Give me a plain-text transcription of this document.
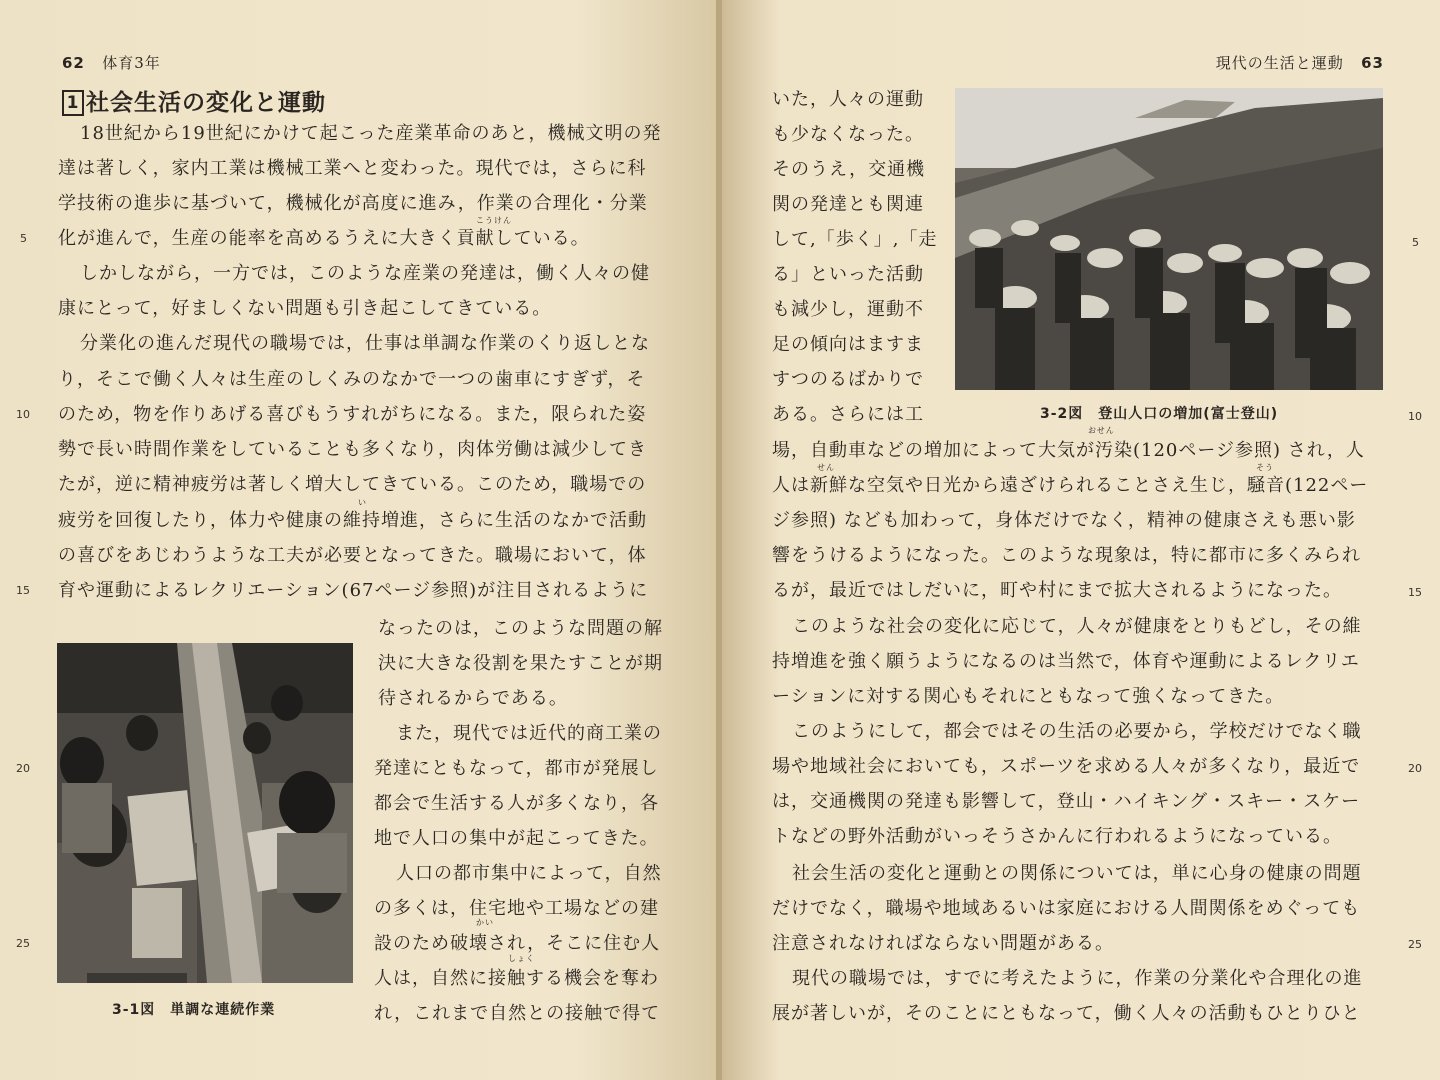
62 体育3年
1 社会生活の変化と運動
18世紀から19世紀にかけて起こった産業革命のあと，機械文明の発
達は著しく，家内工業は機械工業へと変わった。現代では，さらに科
学技術の進歩に基づいて，機械化が高度に進み，作業の合理化・分業
こうけん
化が進んで，生産の能率を高めるうえに大きく貢献している。
しかしながら，一方では，このような産業の発達は，働く人々の健
康にとって，好ましくない問題も引き起こしてきている。
分業化の進んだ現代の職場では，仕事は単調な作業のくり返しとな
り，そこで働く人々は生産のしくみのなかで一つの歯車にすぎず，そ
のため，物を作りあげる喜びもうすれがちになる。また，限られた姿
勢で長い時間作業をしていることも多くなり，肉体労働は減少してき
たが，逆に精神疲労は著しく増大してきている。このため，職場での
い
疲労を回復したり，体力や健康の維持増進，さらに生活のなかで活動
の喜びをあじわうような工夫が必要となってきた。職場において，体
育や運動によるレクリエーション(67ページ参照)が注目されるように
なったのは，このような問題の解
決に大きな役割を果たすことが期
待されるからである。
また，現代では近代的商工業の
発達にともなって，都市が発展し
都会で生活する人が多くなり，各
地で人口の集中が起こってきた。
人口の都市集中によって，自然
の多くは，住宅地や工場などの建
かい
設のため破壊され，そこに住む人
しょく
人は，自然に接触する機会を奪わ
れ，これまで自然との接触で得て
5
10
15
20
25
3-1図　単調な連続作業
現代の生活と運動 63
いた，人々の運動
も少なくなった。
そのうえ，交通機
関の発達とも関連
して,「歩く」,「走
る」といった活動
も減少し，運動不
足の傾向はますま
すつのるばかりで
ある。さらには工	3-2図　登山人口の増加(富士登山)
おせん
場，自動車などの増加によって大気が汚染(120ページ参照) され，人
せん	そう
人は新鮮な空気や日光から遠ざけられることさえ生じ，騒音(122ペー
ジ参照) なども加わって，身体だけでなく，精神の健康さえも悪い影
響をうけるようになった。このような現象は，特に都市に多くみられ
るが，最近ではしだいに，町や村にまで拡大されるようになった。
このような社会の変化に応じて，人々が健康をとりもどし，その維
持増進を強く願うようになるのは当然で，体育や運動によるレクリエ
ーションに対する関心もそれにともなって強くなってきた。
このようにして，都会ではその生活の必要から，学校だけでなく職
場や地域社会においても，スポーツを求める人々が多くなり，最近で
は，交通機関の発達も影響して，登山・ハイキング・スキー・スケー
トなどの野外活動がいっそうさかんに行われるようになっている。
社会生活の変化と運動との関係については，単に心身の健康の問題
だけでなく，職場や地域あるいは家庭における人間関係をめぐっても
注意されなければならない問題がある。
現代の職場では，すでに考えたように，作業の分業化や合理化の進
展が著しいが，そのことにともなって，働く人々の活動もひとりひと
5
10
15
20
25
